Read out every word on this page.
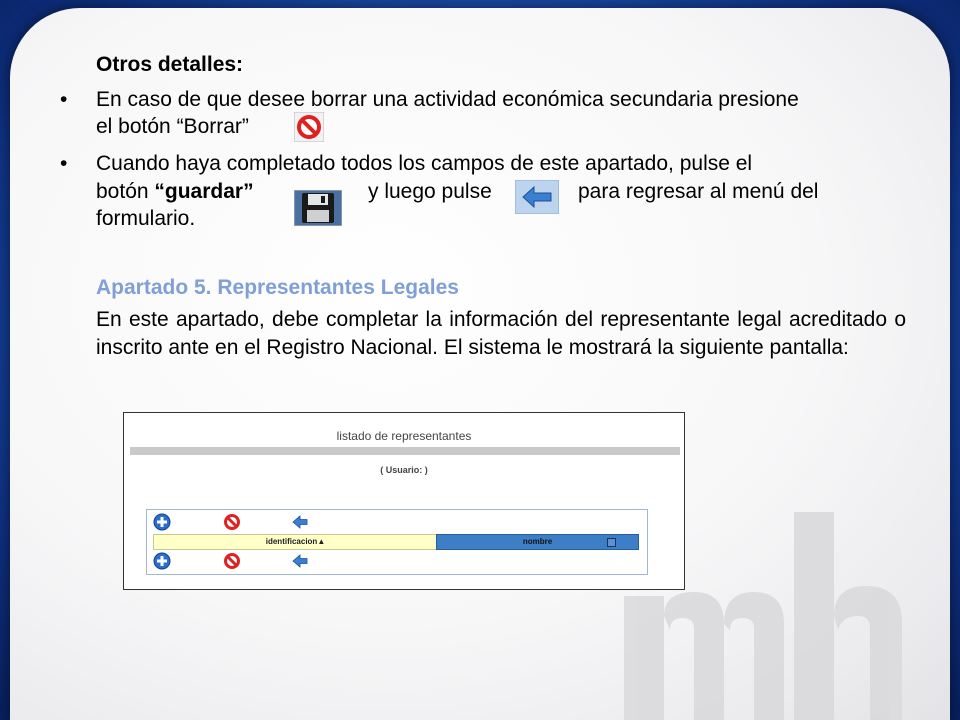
Otros detalles:
• En caso de que desee borrar una actividad económica secundaria presione
el botón “Borrar”
• Cuando haya completado todos los campos de este apartado, pulse el
botón “guardar”	y luego pulse	para regresar al menú del
formulario.
Apartado 5. Representantes Legales
En este apartado, debe completar la información del representante legal acreditado o inscrito ante en el Registro Nacional. El sistema le mostrará la siguiente pantalla:
listado de representantes
( Usuario: )
identificacion▲	nombre
